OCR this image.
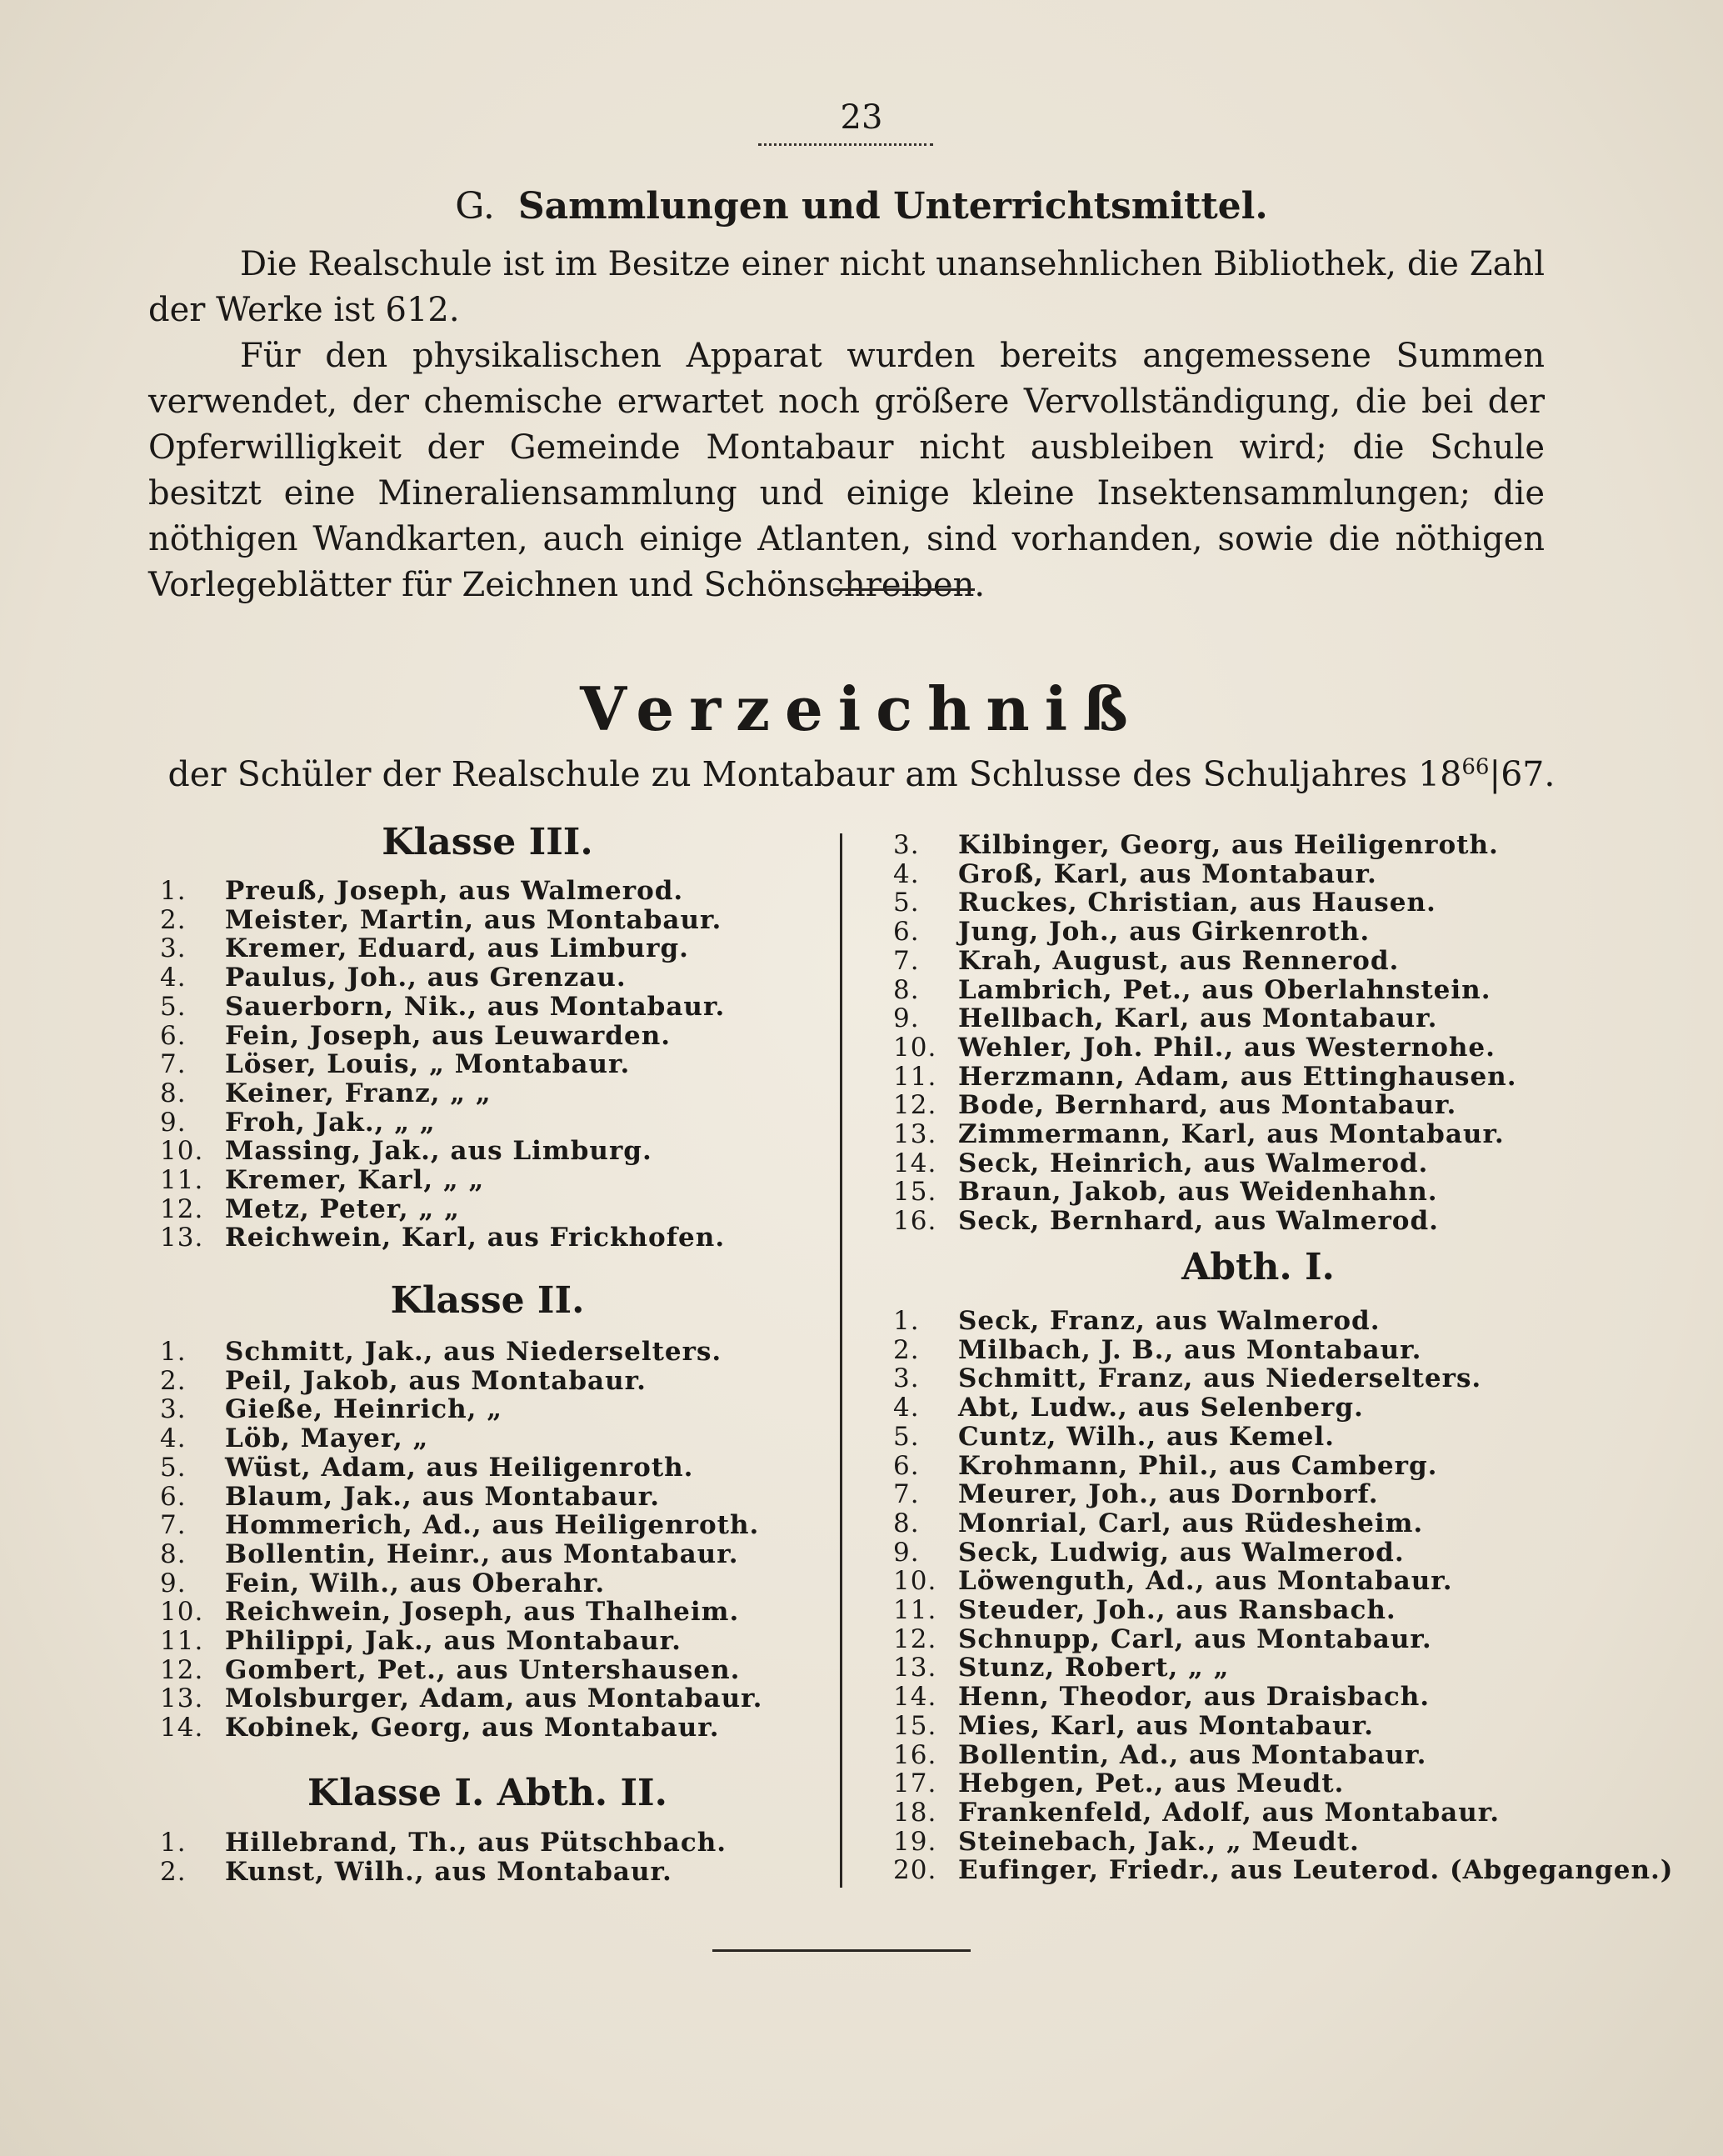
23
G. Sammlungen und Unterrichtsmittel.

Die Realschule ist im Besitze einer nicht unansehnlichen Bibliothek, die Zahl der Werke ist 612.

Für den physikalischen Apparat wurden bereits angemessene Summen verwendet, der chemische erwartet noch größere Vervollständigung, die bei der Opferwilligkeit der Gemeinde Montabaur nicht ausbleiben wird; die Schule besitzt eine Mineraliensammlung und einige kleine Insektensammlungen; die nöthigen Wandkarten, auch einige Atlanten, sind vorhanden, sowie die nöthigen Vorlegeblätter für Zeichnen und Schönschreiben.

Verzeichniß
der Schüler der Realschule zu Montabaur am Schlusse des Schuljahres $18^{66}|67$.
Klasse III.
1.	Preuß, Joseph, aus Walmerod.
2.	Meister, Martin, aus Montabaur.
3.	Kremer, Eduard, aus Limburg.
4.	Paulus, Joh., aus Grenzau.
5.	Sauerborn, Nik., aus Montabaur.
6.	Fein, Joseph, aus Leuwarden.
7.	Löser, Louis, „ Montabaur.
8.	Keiner, Franz, „ „
9.	Froh, Jak., „ „
10. Massing, Jak., aus Limburg.
11. Kremer, Karl, „ „
12. Metz, Peter, „ „
13. Reichwein, Karl, aus Frickhofen.
Klasse II.
1.	Schmitt, Jak., aus Niederselters.
2.	Peil, Jakob, aus Montabaur.
3.	Gieße, Heinrich, „
4.	Löb, Mayer, „
5.	Wüst, Adam, aus Heiligenroth.
6.	Blaum, Jak., aus Montabaur.
7.	Hommerich, Ad., aus Heiligenroth.
8.	Bollentin, Heinr., aus Montabaur.
9.	Fein, Wilh., aus Oberahr.
10. Reichwein, Joseph, aus Thalheim.
11. Philippi, Jak., aus Montabaur.
12. Gombert, Pet., aus Untershausen.
13. Molsburger, Adam, aus Montabaur.
14. Kobinek, Georg, aus Montabaur.
Klasse I. Abth. II.
1.	Hillebrand, Th., aus Pütschbach.
2.	Kunst, Wilh., aus Montabaur.
3.	Kilbinger, Georg, aus Heiligenroth.
4.	Groß, Karl, aus Montabaur.
5.	Ruckes, Christian, aus Hausen.
6.	Jung, Joh., aus Girkenroth.
7.	Krah, August, aus Rennerod.
8.	Lambrich, Pet., aus Oberlahnstein.
9.	Hellbach, Karl, aus Montabaur.
10. Wehler, Joh. Phil., aus Westernohe.
11. Herzmann, Adam, aus Ettinghausen.
12. Bode, Bernhard, aus Montabaur.
13. Zimmermann, Karl, aus Montabaur.
14. Seck, Heinrich, aus Walmerod.
15. Braun, Jakob, aus Weidenhahn.
16. Seck, Bernhard, aus Walmerod.
Abth. I.
1.	Seck, Franz, aus Walmerod.
2.	Milbach, J. B., aus Montabaur.
3.	Schmitt, Franz, aus Niederselters.
4.	Abt, Ludw., aus Selenberg.
5.	Cuntz, Wilh., aus Kemel.
6.	Krohmann, Phil., aus Camberg.
7.	Meurer, Joh., aus Dornborf.
8.	Monrial, Carl, aus Rüdesheim.
9.	Seck, Ludwig, aus Walmerod.
10. Löwenguth, Ad., aus Montabaur.
11. Steuder, Joh., aus Ransbach.
12. Schnupp, Carl, aus Montabaur.
13. Stunz, Robert, „ „
14. Henn, Theodor, aus Draisbach.
15. Mies, Karl, aus Montabaur.
16. Bollentin, Ad., aus Montabaur.
17. Hebgen, Pet., aus Meudt.
18. Frankenfeld, Adolf, aus Montabaur.
19. Steinebach, Jak., „ Meudt.
20. Eufinger, Friedr., aus Leuterod. (Abgegangen.)
